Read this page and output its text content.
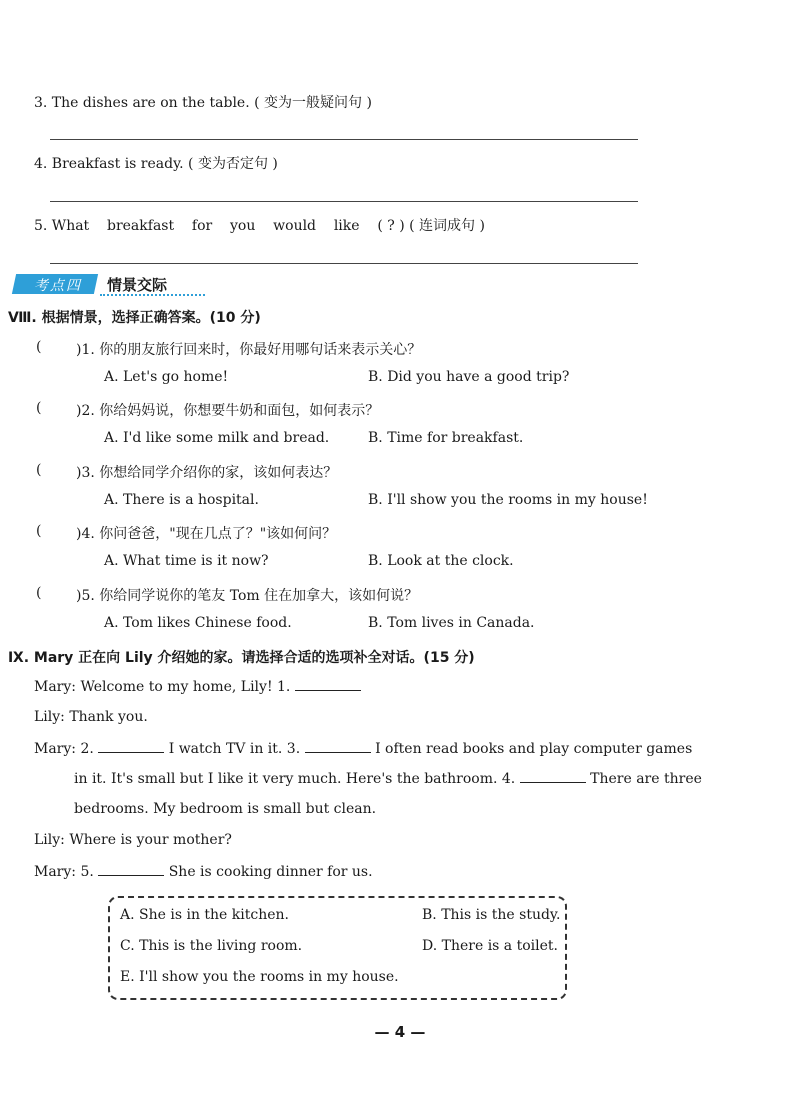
3. The dishes are on the table. ( 变为一般疑问句 )
4. Breakfast is ready. ( 变为否定句 )
5. What    breakfast    for    you    would    like    ( ? ) ( 连词成句 )
考点四	情景交际
Ⅷ. 根据情景，选择正确答案。(10 分)
( )1. 你的朋友旅行回来时，你最好用哪句话来表示关心？
A. Let's go home!	B. Did you have a good trip?
( )2. 你给妈妈说，你想要牛奶和面包，如何表示？
A. I'd like some milk and bread.	B. Time for breakfast.
( )3. 你想给同学介绍你的家，该如何表达？
A. There is a hospital.	B. I'll show you the rooms in my house!
( )4. 你问爸爸，"现在几点了？"该如何问？
A. What time is it now?	B. Look at the clock.
( )5. 你给同学说你的笔友 Tom 住在加拿大，该如何说？
A. Tom likes Chinese food.	B. Tom lives in Canada.
Ⅸ. Mary 正在向 Lily 介绍她的家。请选择合适的选项补全对话。(15 分)
Mary: Welcome to my home, Lily! 1.
Lily: Thank you.
Mary: 2.	I watch TV in it. 3.	I often read books and play computer games
in it. It's small but I like it very much. Here's the bathroom. 4.	There are three
bedrooms. My bedroom is small but clean.
Lily: Where is your mother?
Mary: 5.	She is cooking dinner for us.
A. She is in the kitchen.	B. This is the study.
C. This is the living room.	D. There is a toilet.
E. I'll show you the rooms in my house.
— 4 —
